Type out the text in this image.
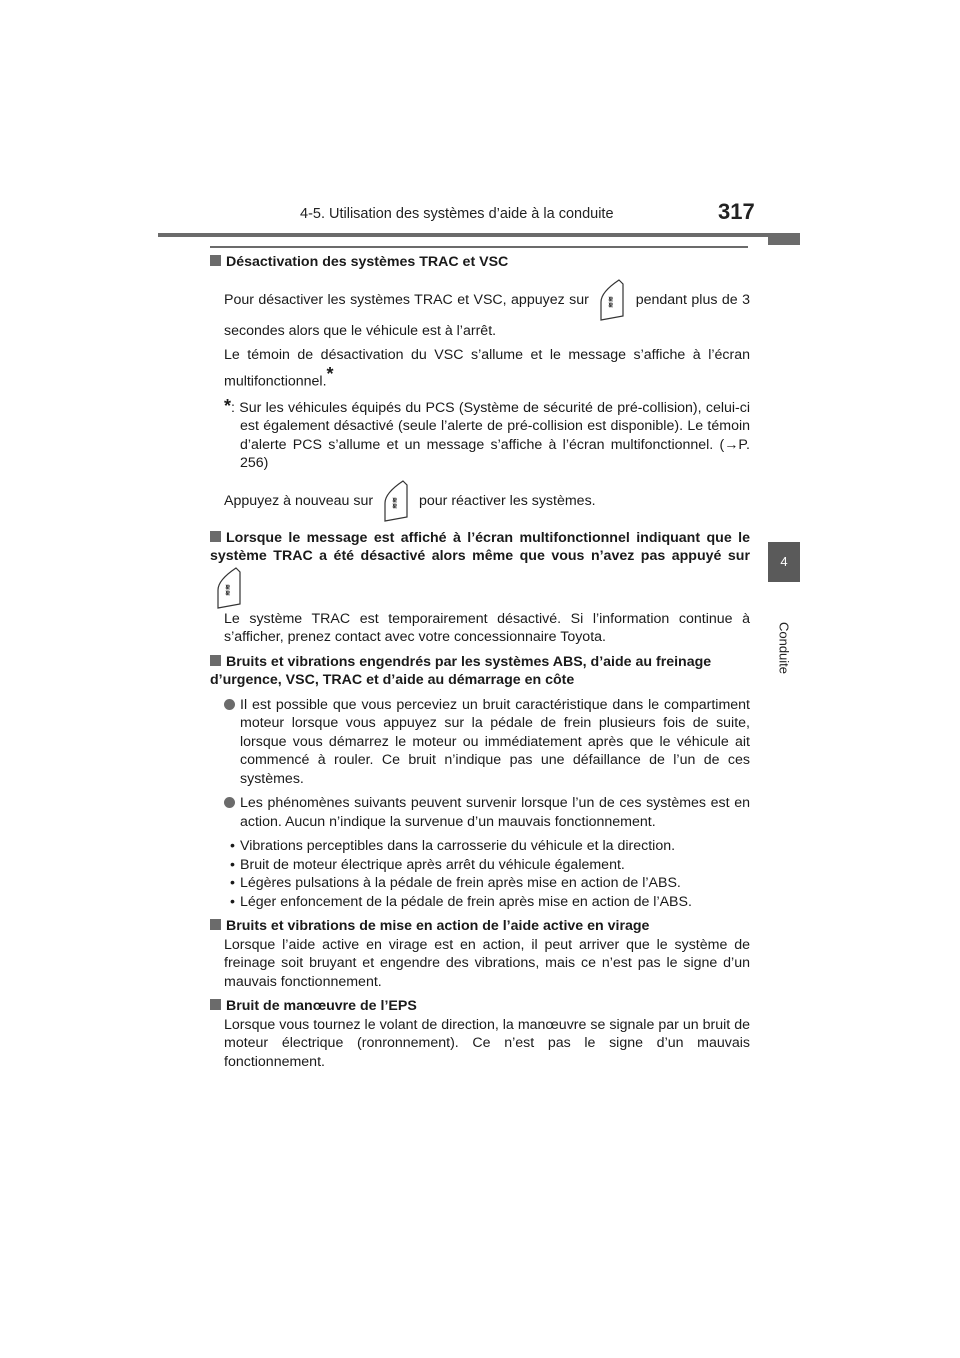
4-5. Utilisation des systèmes d’aide à la conduite	317
4
Conduite
Désactivation des systèmes TRAC et VSC
Pour désactiver les systèmes TRAC et VSC, appuyez sur	≋≋ pendant plus de 3 secondes alors que le véhicule est à l’arrêt.
Le témoin de désactivation du VSC s’allume et le message s’affiche à l’écran multifonctionnel.*
*: Sur les véhicules équipés du PCS (Système de sécurité de pré-collision), celui-ci est également désactivé (seule l’alerte de pré-collision est disponible). Le témoin d’alerte PCS s’allume et un message s’affiche à l’écran multifonctionnel. (→P. 256)
Appuyez à nouveau sur	≋≋ pour réactiver les systèmes.
Lorsque le message est affiché à l’écran multifonctionnel indiquant que le système TRAC a été désactivé alors même que vous n’avez pas appuyé sur
≋≋
Le système TRAC est temporairement désactivé. Si l’information continue à s’afficher, prenez contact avec votre concessionnaire Toyota.
Bruits et vibrations engendrés par les systèmes ABS, d’aide au freinage d’urgence, VSC, TRAC et d’aide au démarrage en côte
Il est possible que vous perceviez un bruit caractéristique dans le compartiment moteur lorsque vous appuyez sur la pédale de frein plusieurs fois de suite, lorsque vous démarrez le moteur ou immédiatement après que le véhicule ait commencé à rouler. Ce bruit n’indique pas une défaillance de l’un de ces systèmes.
Les phénomènes suivants peuvent survenir lorsque l’un de ces systèmes est en action. Aucun n’indique la survenue d’un mauvais fonctionnement.
• Vibrations perceptibles dans la carrosserie du véhicule et la direction.
• Bruit de moteur électrique après arrêt du véhicule également.
• Légères pulsations à la pédale de frein après mise en action de l’ABS.
• Léger enfoncement de la pédale de frein après mise en action de l’ABS.
Bruits et vibrations de mise en action de l’aide active en virage
Lorsque l’aide active en virage est en action, il peut arriver que le système de freinage soit bruyant et engendre des vibrations, mais ce n’est pas le signe d’un mauvais fonctionnement.
Bruit de manœuvre de l’EPS
Lorsque vous tournez le volant de direction, la manœuvre se signale par un bruit de moteur électrique (ronronnement). Ce n’est pas le signe d’un mauvais fonctionnement.
